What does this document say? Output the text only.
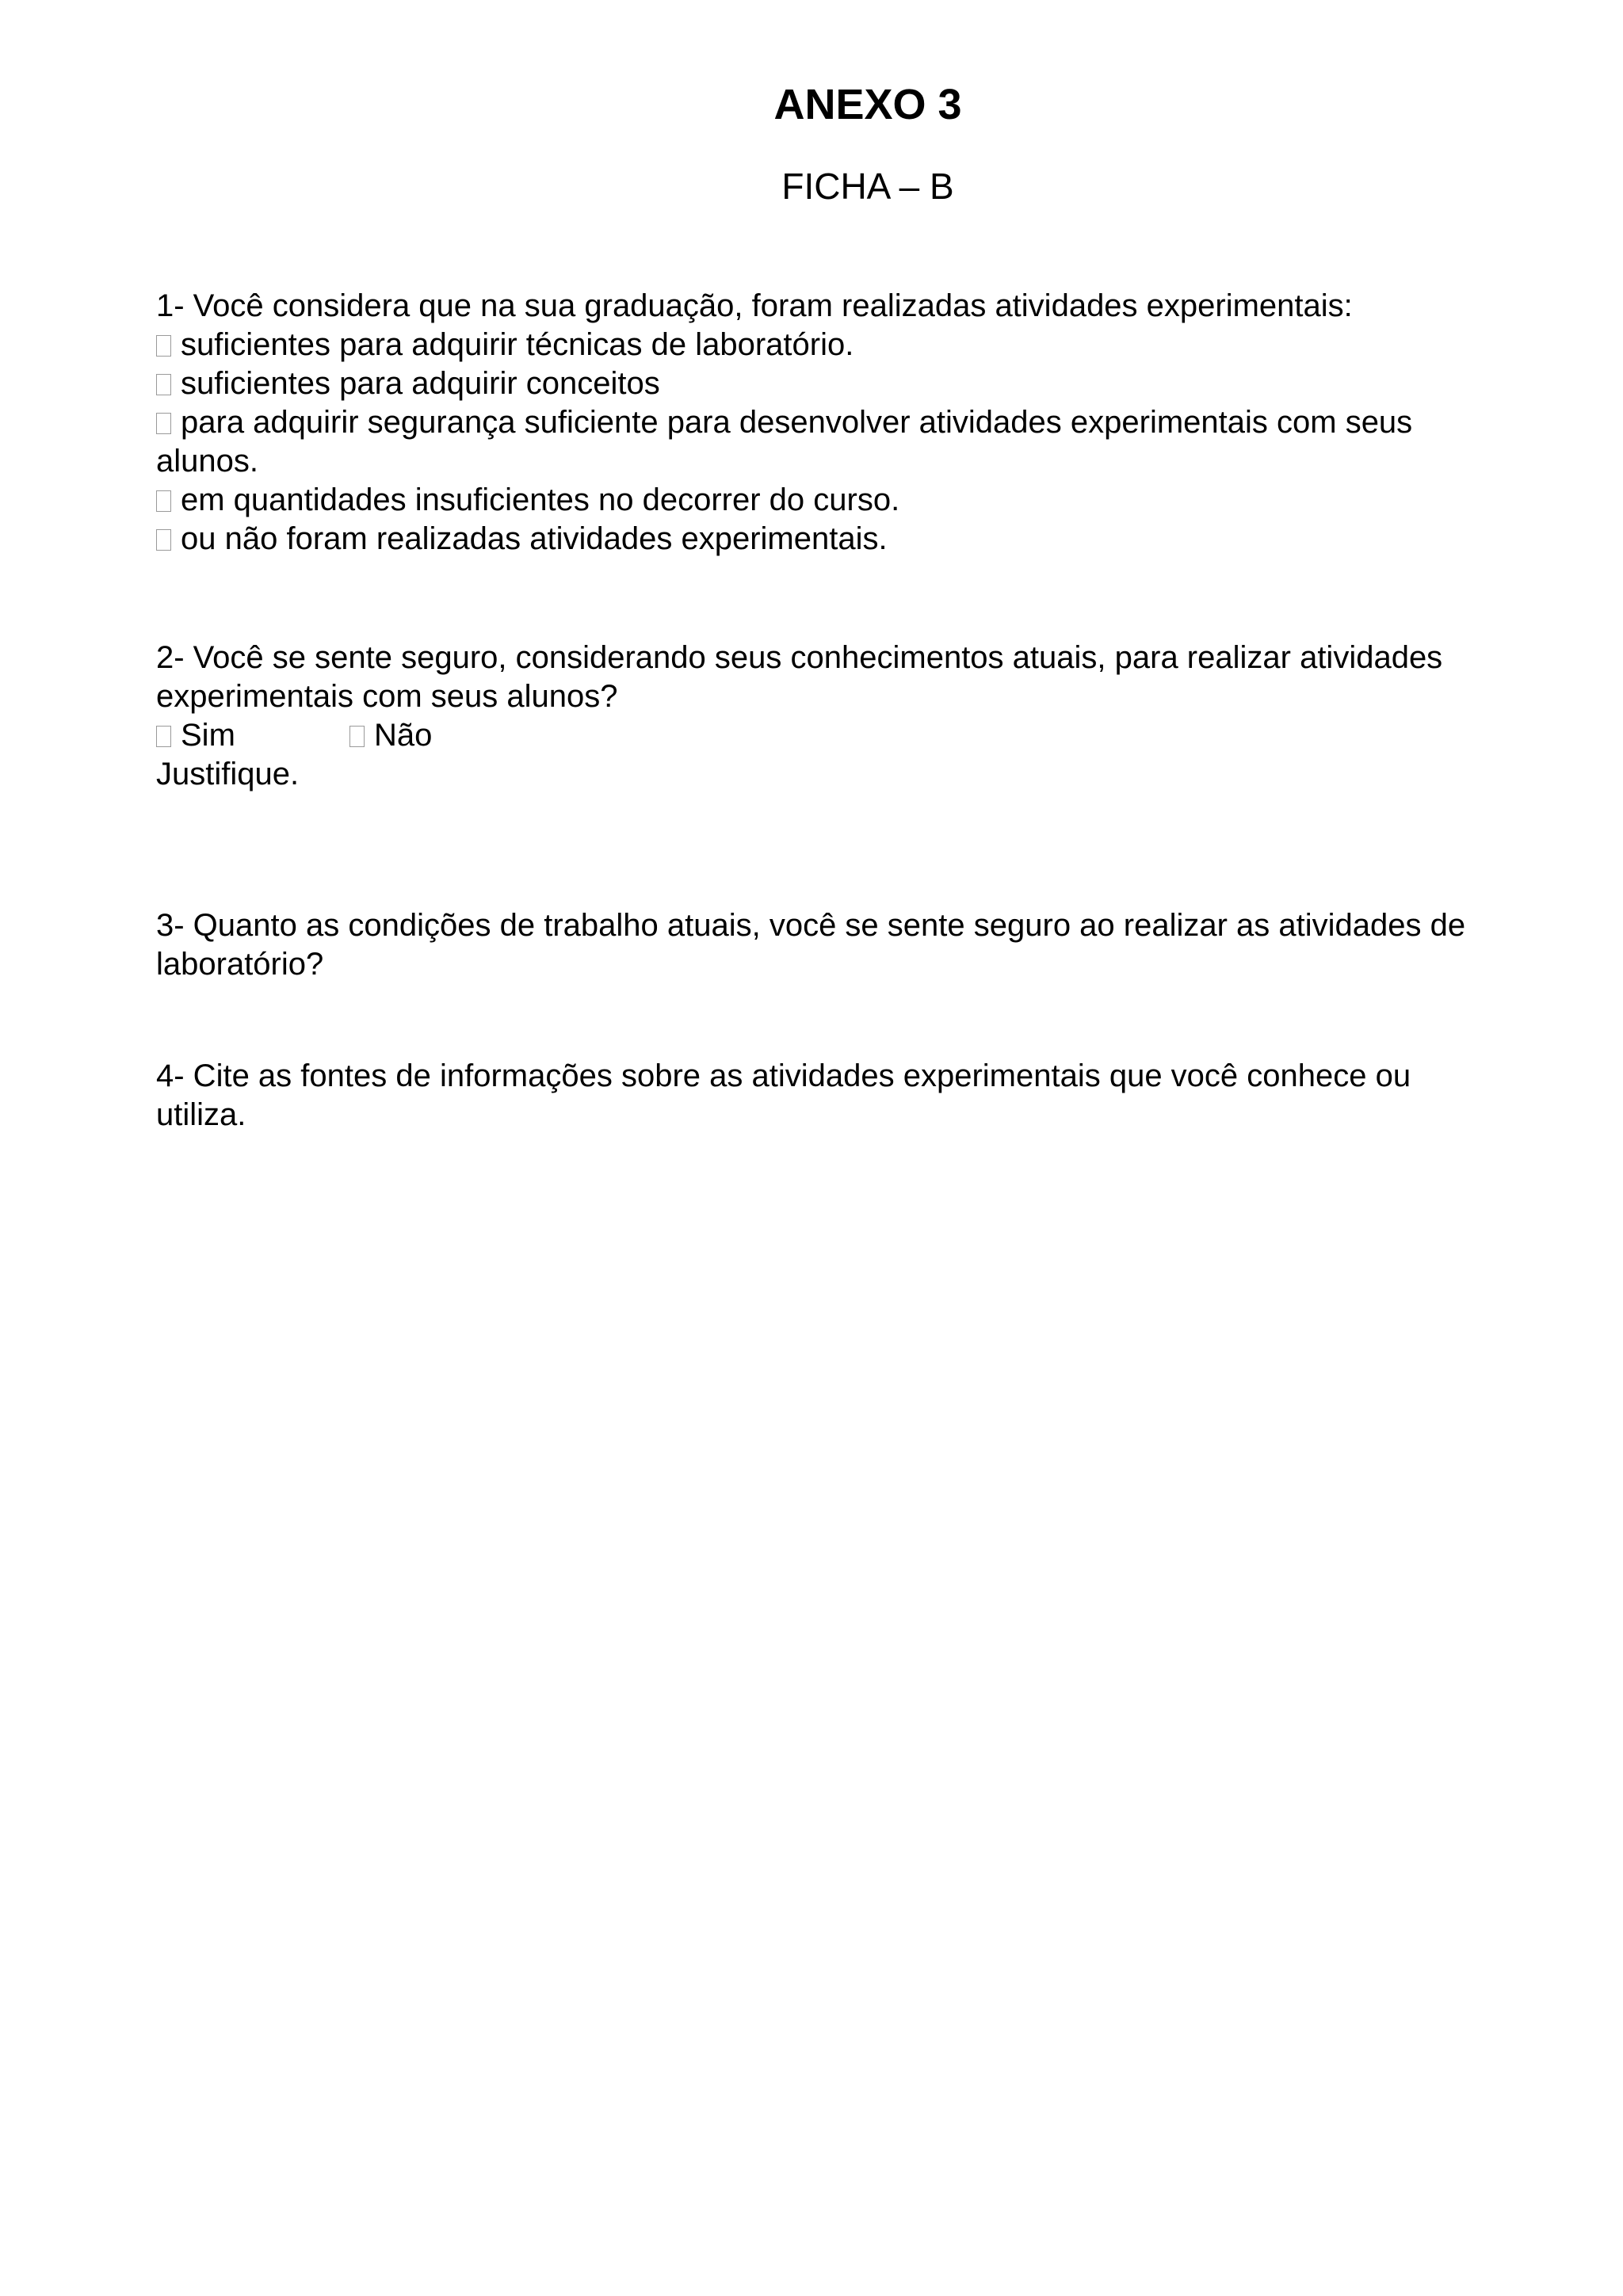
ANEXO 3
FICHA – B
1- Você considera que na sua graduação, foram realizadas atividades experimentais:
suficientes para adquirir técnicas de laboratório.
suficientes para adquirir conceitos
para adquirir segurança suficiente para desenvolver atividades experimentais com seus alunos.
em quantidades insuficientes no decorrer do curso.
ou não foram realizadas atividades experimentais.
2- Você se sente seguro, considerando seus conhecimentos atuais, para realizar atividades experimentais com seus alunos?
Sim	Não
Justifique.
3- Quanto as condições de trabalho atuais, você se sente seguro ao realizar as atividades de laboratório?
4- Cite as fontes de informações sobre as atividades experimentais que você conhece ou utiliza.
